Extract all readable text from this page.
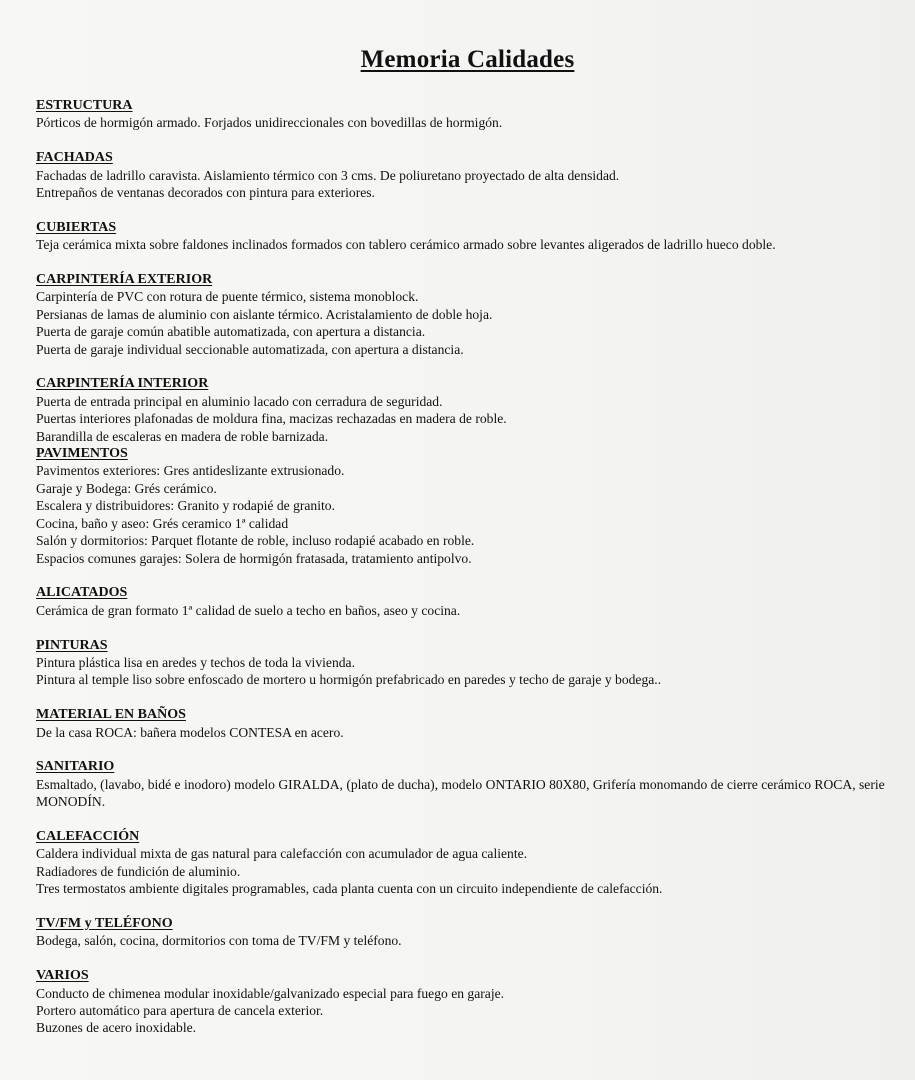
Memoria Calidades
ESTRUCTURA
Pórticos de hormigón armado. Forjados unidireccionales con bovedillas de hormigón.
FACHADAS
Fachadas de ladrillo caravista. Aislamiento térmico con 3 cms. De poliuretano proyectado de alta densidad.
Entrepaños de ventanas decorados con pintura para exteriores.
CUBIERTAS
Teja cerámica mixta sobre faldones inclinados formados con tablero cerámico armado sobre levantes aligerados de ladrillo hueco doble.
CARPINTERÍA EXTERIOR
Carpintería de PVC con rotura de puente térmico, sistema monoblock.
Persianas de lamas de aluminio con aislante térmico. Acristalamiento de doble hoja.
Puerta de garaje común abatible automatizada, con apertura a distancia.
Puerta de garaje individual seccionable automatizada, con apertura a distancia.
CARPINTERÍA INTERIOR
Puerta de entrada principal en aluminio lacado con cerradura de seguridad.
Puertas interiores plafonadas de moldura fina, macizas rechazadas en madera de roble.
Barandilla de escaleras en madera de roble barnizada.
PAVIMENTOS
Pavimentos exteriores: Gres antideslizante extrusionado.
Garaje y Bodega: Grés cerámico.
Escalera y distribuidores: Granito y rodapié de granito.
Cocina, baño y aseo: Grés ceramico 1ª calidad
Salón y dormitorios: Parquet flotante de roble, incluso rodapié acabado en roble.
Espacios comunes garajes: Solera de hormigón fratasada, tratamiento antipolvo.
ALICATADOS
Cerámica de gran formato 1ª calidad de suelo a techo en baños, aseo y cocina.
PINTURAS
Pintura plástica lisa en aredes y techos de toda la vivienda.
Pintura al temple liso sobre enfoscado de mortero u hormigón prefabricado en paredes y techo de garaje y bodega..
MATERIAL EN BAÑOS
De la casa ROCA: bañera modelos CONTESA en acero.
SANITARIO
Esmaltado, (lavabo, bidé e inodoro) modelo GIRALDA, (plato de ducha), modelo ONTARIO 80X80, Grifería monomando de cierre cerámico ROCA, serie MONODÍN.
CALEFACCIÓN
Caldera individual mixta de gas natural para calefacción con acumulador de agua caliente.
Radiadores de fundición de aluminio.
Tres termostatos ambiente digitales programables, cada planta cuenta con un circuito independiente de calefacción.
TV/FM y TELÉFONO
Bodega, salón, cocina, dormitorios con toma de TV/FM y teléfono.
VARIOS
Conducto de chimenea modular inoxidable/galvanizado especial para fuego en garaje.
Portero automático para apertura de cancela exterior.
Buzones de acero inoxidable.
